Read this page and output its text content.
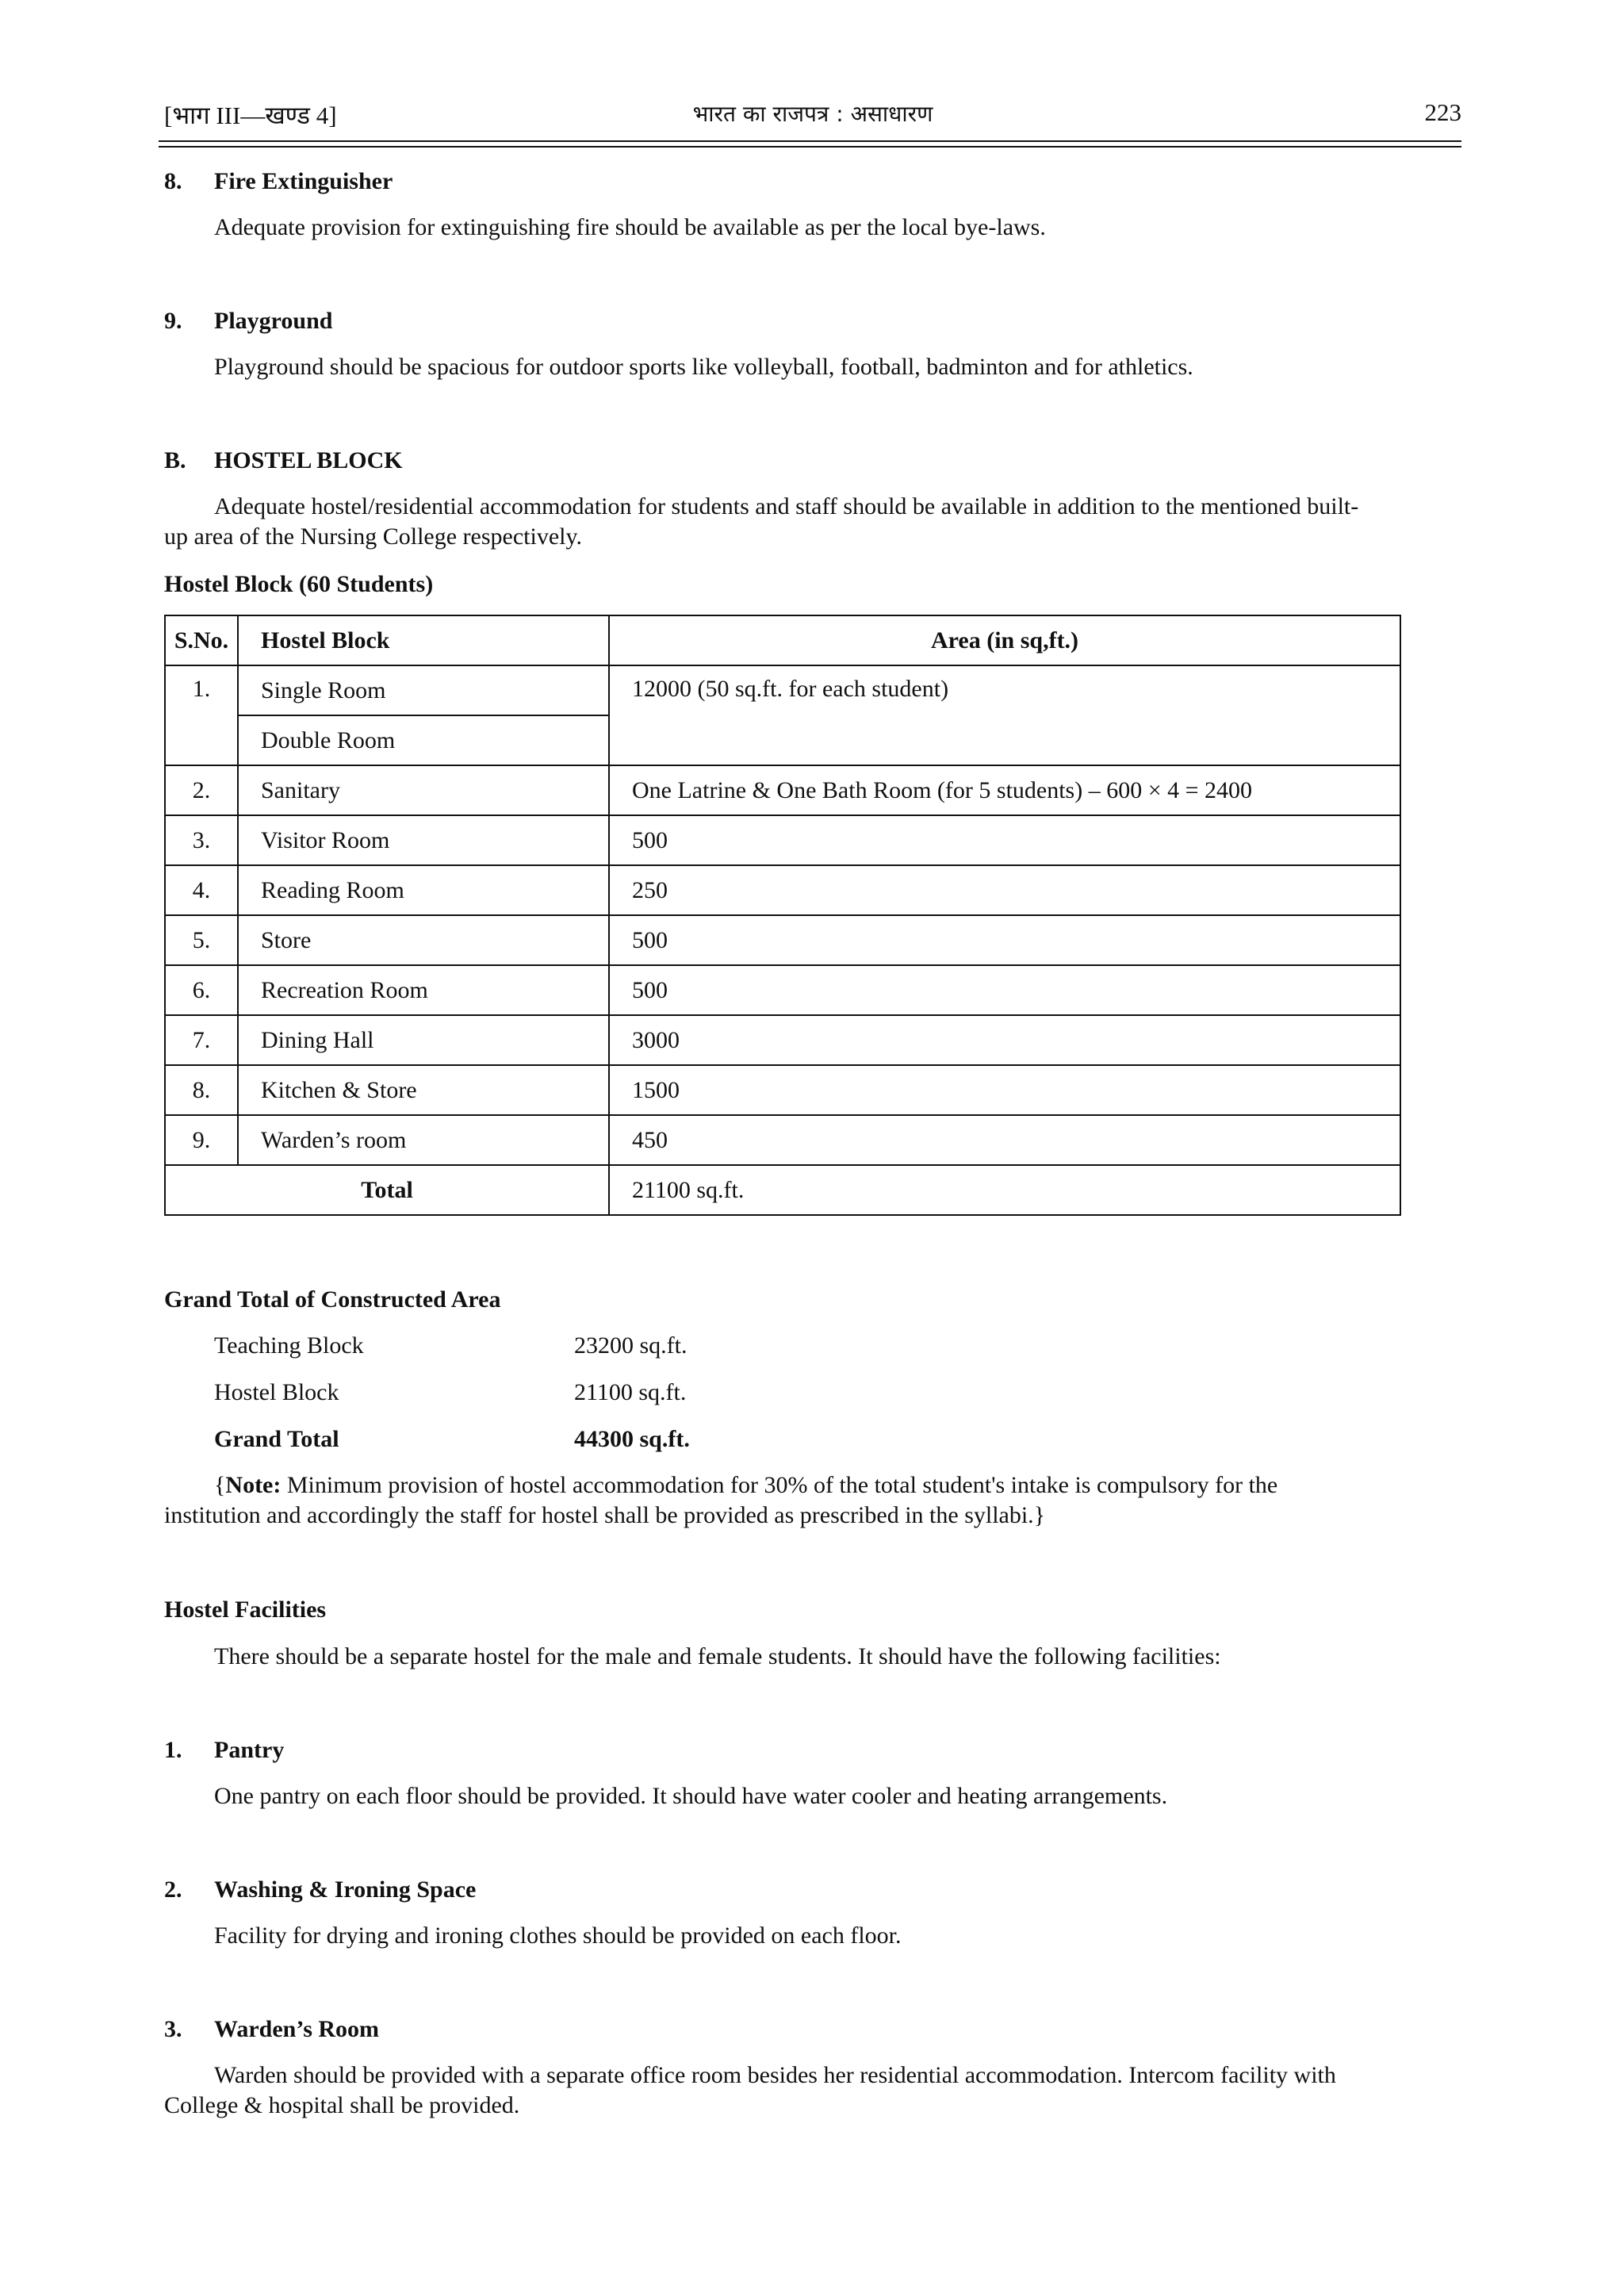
[भाग III—खण्ड 4]	भारत का राजपत्र : असाधारण	223
8. Fire Extinguisher
Adequate provision for extinguishing fire should be available as per the local bye-laws.
9. Playground
Playground should be spacious for outdoor sports like volleyball, football, badminton and for athletics.
B. HOSTEL BLOCK
Adequate hostel/residential accommodation for students and staff should be available in addition to the mentioned built-
up area of the Nursing College respectively.
Hostel Block (60 Students)
S.No.	Hostel Block	Area (in sq,ft.)
1.	Single Room	12000 (50 sq.ft. for each student)
	Double Room	
2.	Sanitary	One Latrine & One Bath Room (for 5 students) – 600 × 4 = 2400
3.	Visitor Room	500
4.	Reading Room	250
5.	Store	500
6.	Recreation Room	500
7.	Dining Hall	3000
8.	Kitchen & Store	1500
9.	Warden’s room	450
Total		21100 sq.ft.
Grand Total of Constructed Area
Teaching Block	23200 sq.ft.
Hostel Block	21100 sq.ft.
Grand Total	44300 sq.ft.
{Note: Minimum provision of hostel accommodation for 30% of the total student's intake is compulsory for the
institution and accordingly the staff for hostel shall be provided as prescribed in the syllabi.}
Hostel Facilities
There should be a separate hostel for the male and female students. It should have the following facilities:
1. Pantry
One pantry on each floor should be provided. It should have water cooler and heating arrangements.
2. Washing & Ironing Space
Facility for drying and ironing clothes should be provided on each floor.
3. Warden’s Room
Warden should be provided with a separate office room besides her residential accommodation. Intercom facility with
College & hospital shall be provided.
